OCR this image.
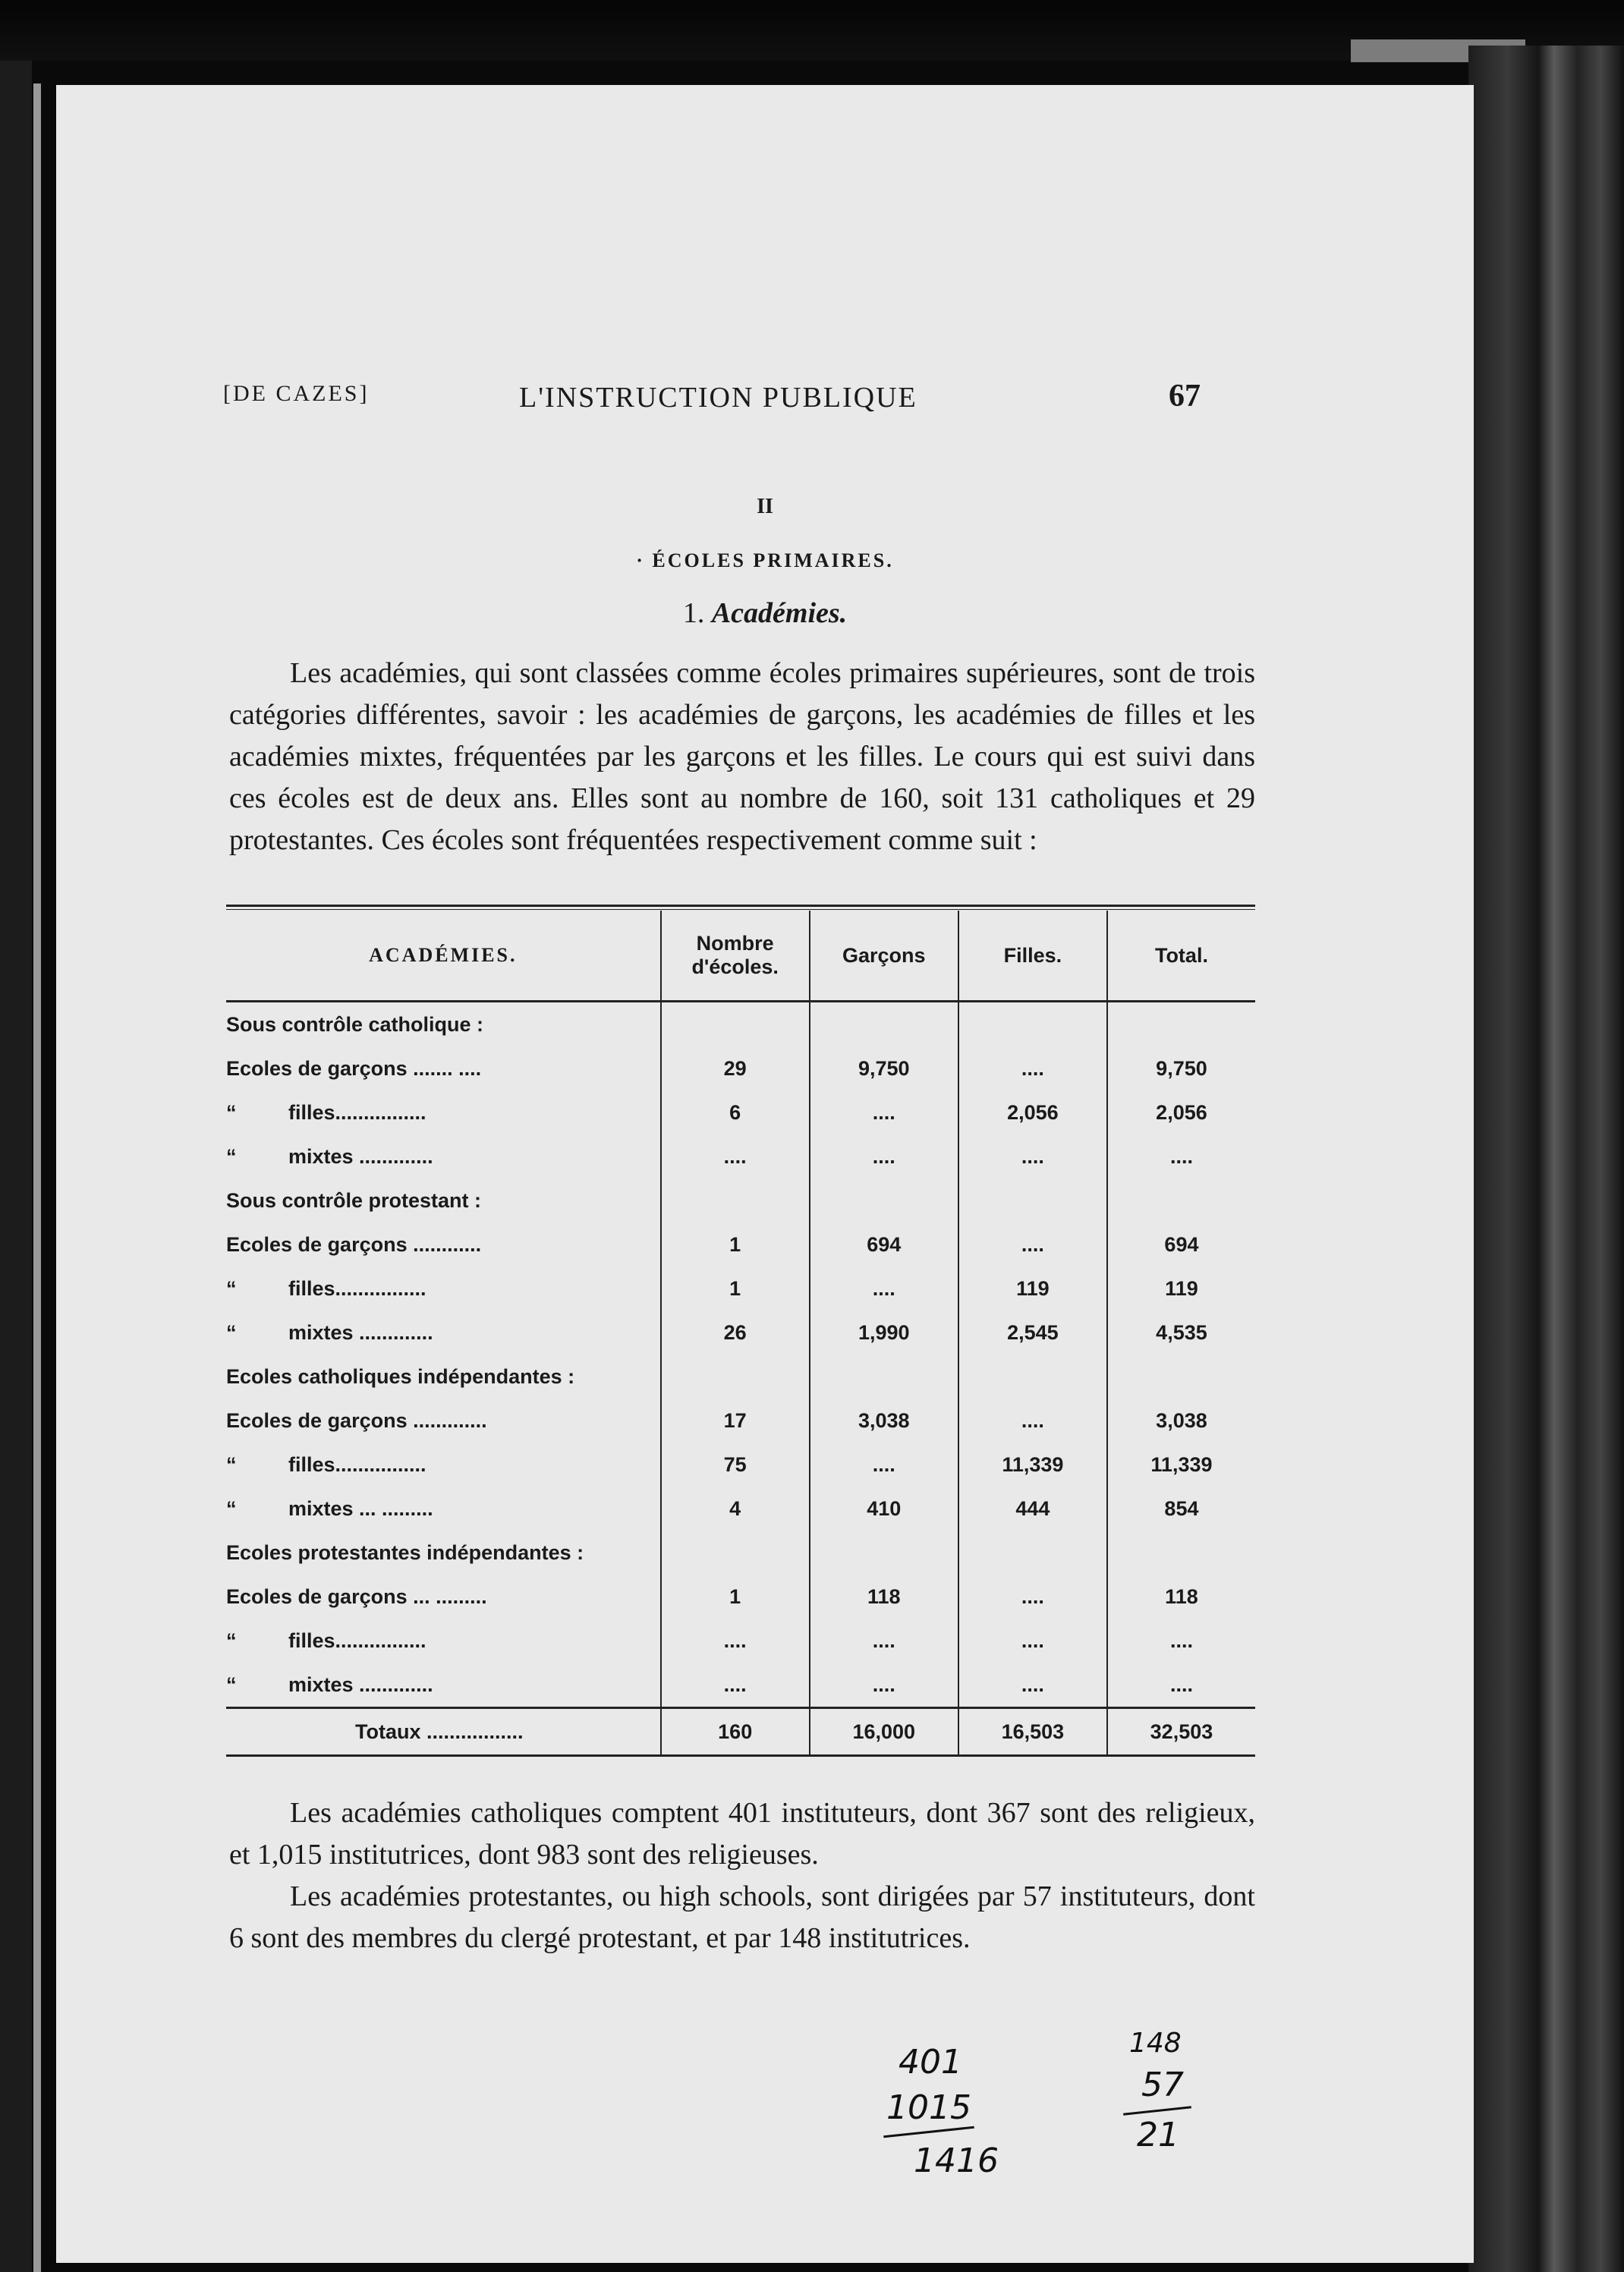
[DE CAZES]	L'INSTRUCTION PUBLIQUE	67
II
· ÉCOLES PRIMAIRES.
1. Académies.

Les académies, qui sont classées comme écoles primaires supérieures, sont de trois catégories différentes, savoir : les académies de garçons, les académies de filles et les académies mixtes, fréquentées par les garçons et les filles. Le cours qui est suivi dans ces écoles est de deux ans. Elles sont au nombre de 160, soit 131 catholiques et 29 protestantes. Ces écoles sont fréquentées respectivement comme suit :

ACADÉMIES.	Nombre d'écoles.	Garçons	Filles.	Total.
Sous contrôle catholique :				
Ecoles de garçons ....... ....	29	9,750	....	9,750
“ filles................	6	....	2,056	2,056
“ mixtes .............	....	....	....	....
Sous contrôle protestant :				
Ecoles de garçons ............	1	694	....	694
“ filles................	1	....	119	119
“ mixtes .............	26	1,990	2,545	4,535
Ecoles catholiques indépendantes :				
Ecoles de garçons .............	17	3,038	....	3,038
“ filles................	75	....	11,339	11,339
“ mixtes ... .........	4	410	444	854
Ecoles protestantes indépendantes :				
Ecoles de garçons ... .........	1	118	....	118
“ filles................	....	....	....	....
“ mixtes .............	....	....	....	....
Totaux .................	160	16,000	16,503	32,503

Les académies catholiques comptent 401 instituteurs, dont 367 sont des religieux, et 1,015 institutrices, dont 983 sont des religieuses.

Les académies protestantes, ou high schools, sont dirigées par 57 instituteurs, dont 6 sont des membres du clergé protestant, et par 148 institutrices.

401
1015
1416
148
57
21
